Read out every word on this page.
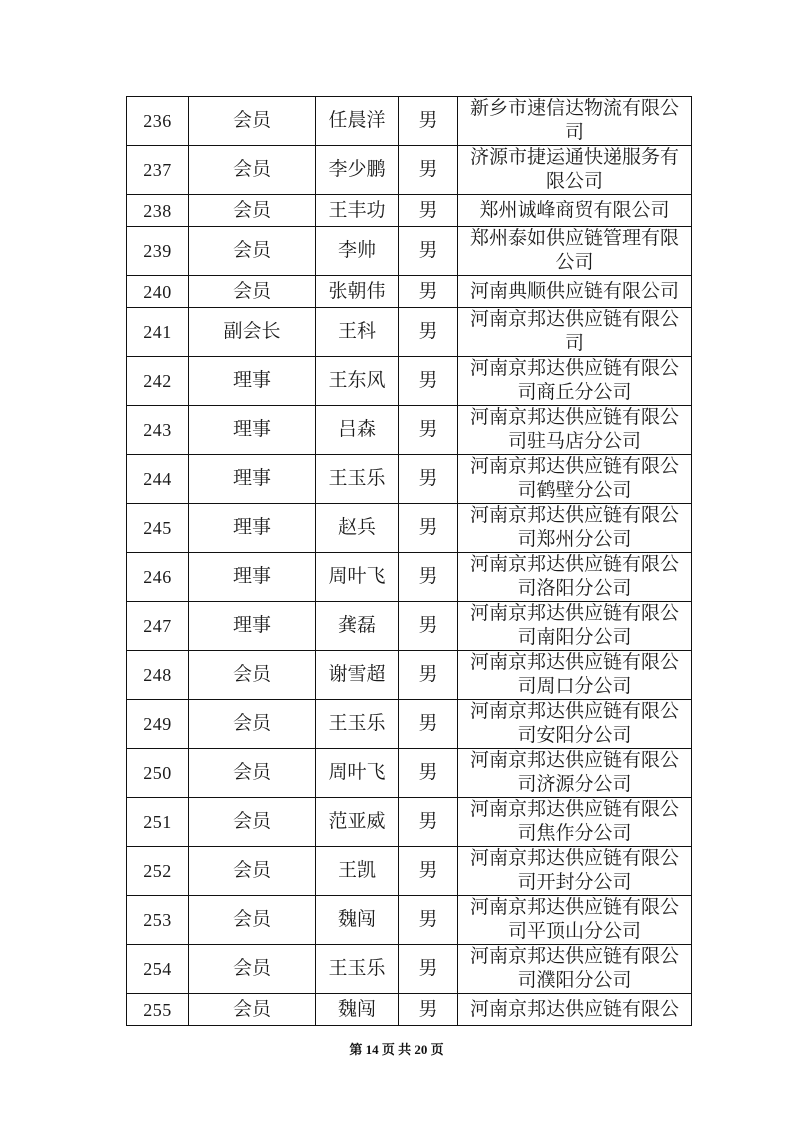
236	会员	任晨洋	男	新乡市速信达物流有限公
司

237	会员	李少鹏	男	济源市捷运通快递服务有
限公司

238	会员	王丰功	男	郑州诚峰商贸有限公司

239	会员	李帅	男	郑州泰如供应链管理有限
公司

240	会员	张朝伟	男	河南典顺供应链有限公司

241	副会长	王科	男	河南京邦达供应链有限公
司

242	理事	王东风	男	河南京邦达供应链有限公
司商丘分公司

243	理事	吕森	男	河南京邦达供应链有限公
司驻马店分公司

244	理事	王玉乐	男	河南京邦达供应链有限公
司鹤壁分公司

245	理事	赵兵	男	河南京邦达供应链有限公
司郑州分公司

246	理事	周叶飞	男	河南京邦达供应链有限公
司洛阳分公司

247	理事	龚磊	男	河南京邦达供应链有限公
司南阳分公司

248	会员	谢雪超	男	河南京邦达供应链有限公
司周口分公司

249	会员	王玉乐	男	河南京邦达供应链有限公
司安阳分公司

250	会员	周叶飞	男	河南京邦达供应链有限公
司济源分公司

251	会员	范亚威	男	河南京邦达供应链有限公
司焦作分公司

252	会员	王凯	男	河南京邦达供应链有限公
司开封分公司

253	会员	魏闯	男	河南京邦达供应链有限公
司平顶山分公司

254	会员	王玉乐	男	河南京邦达供应链有限公
司濮阳分公司

255	会员	魏闯	男	河南京邦达供应链有限公
第 14 页 共 20 页
